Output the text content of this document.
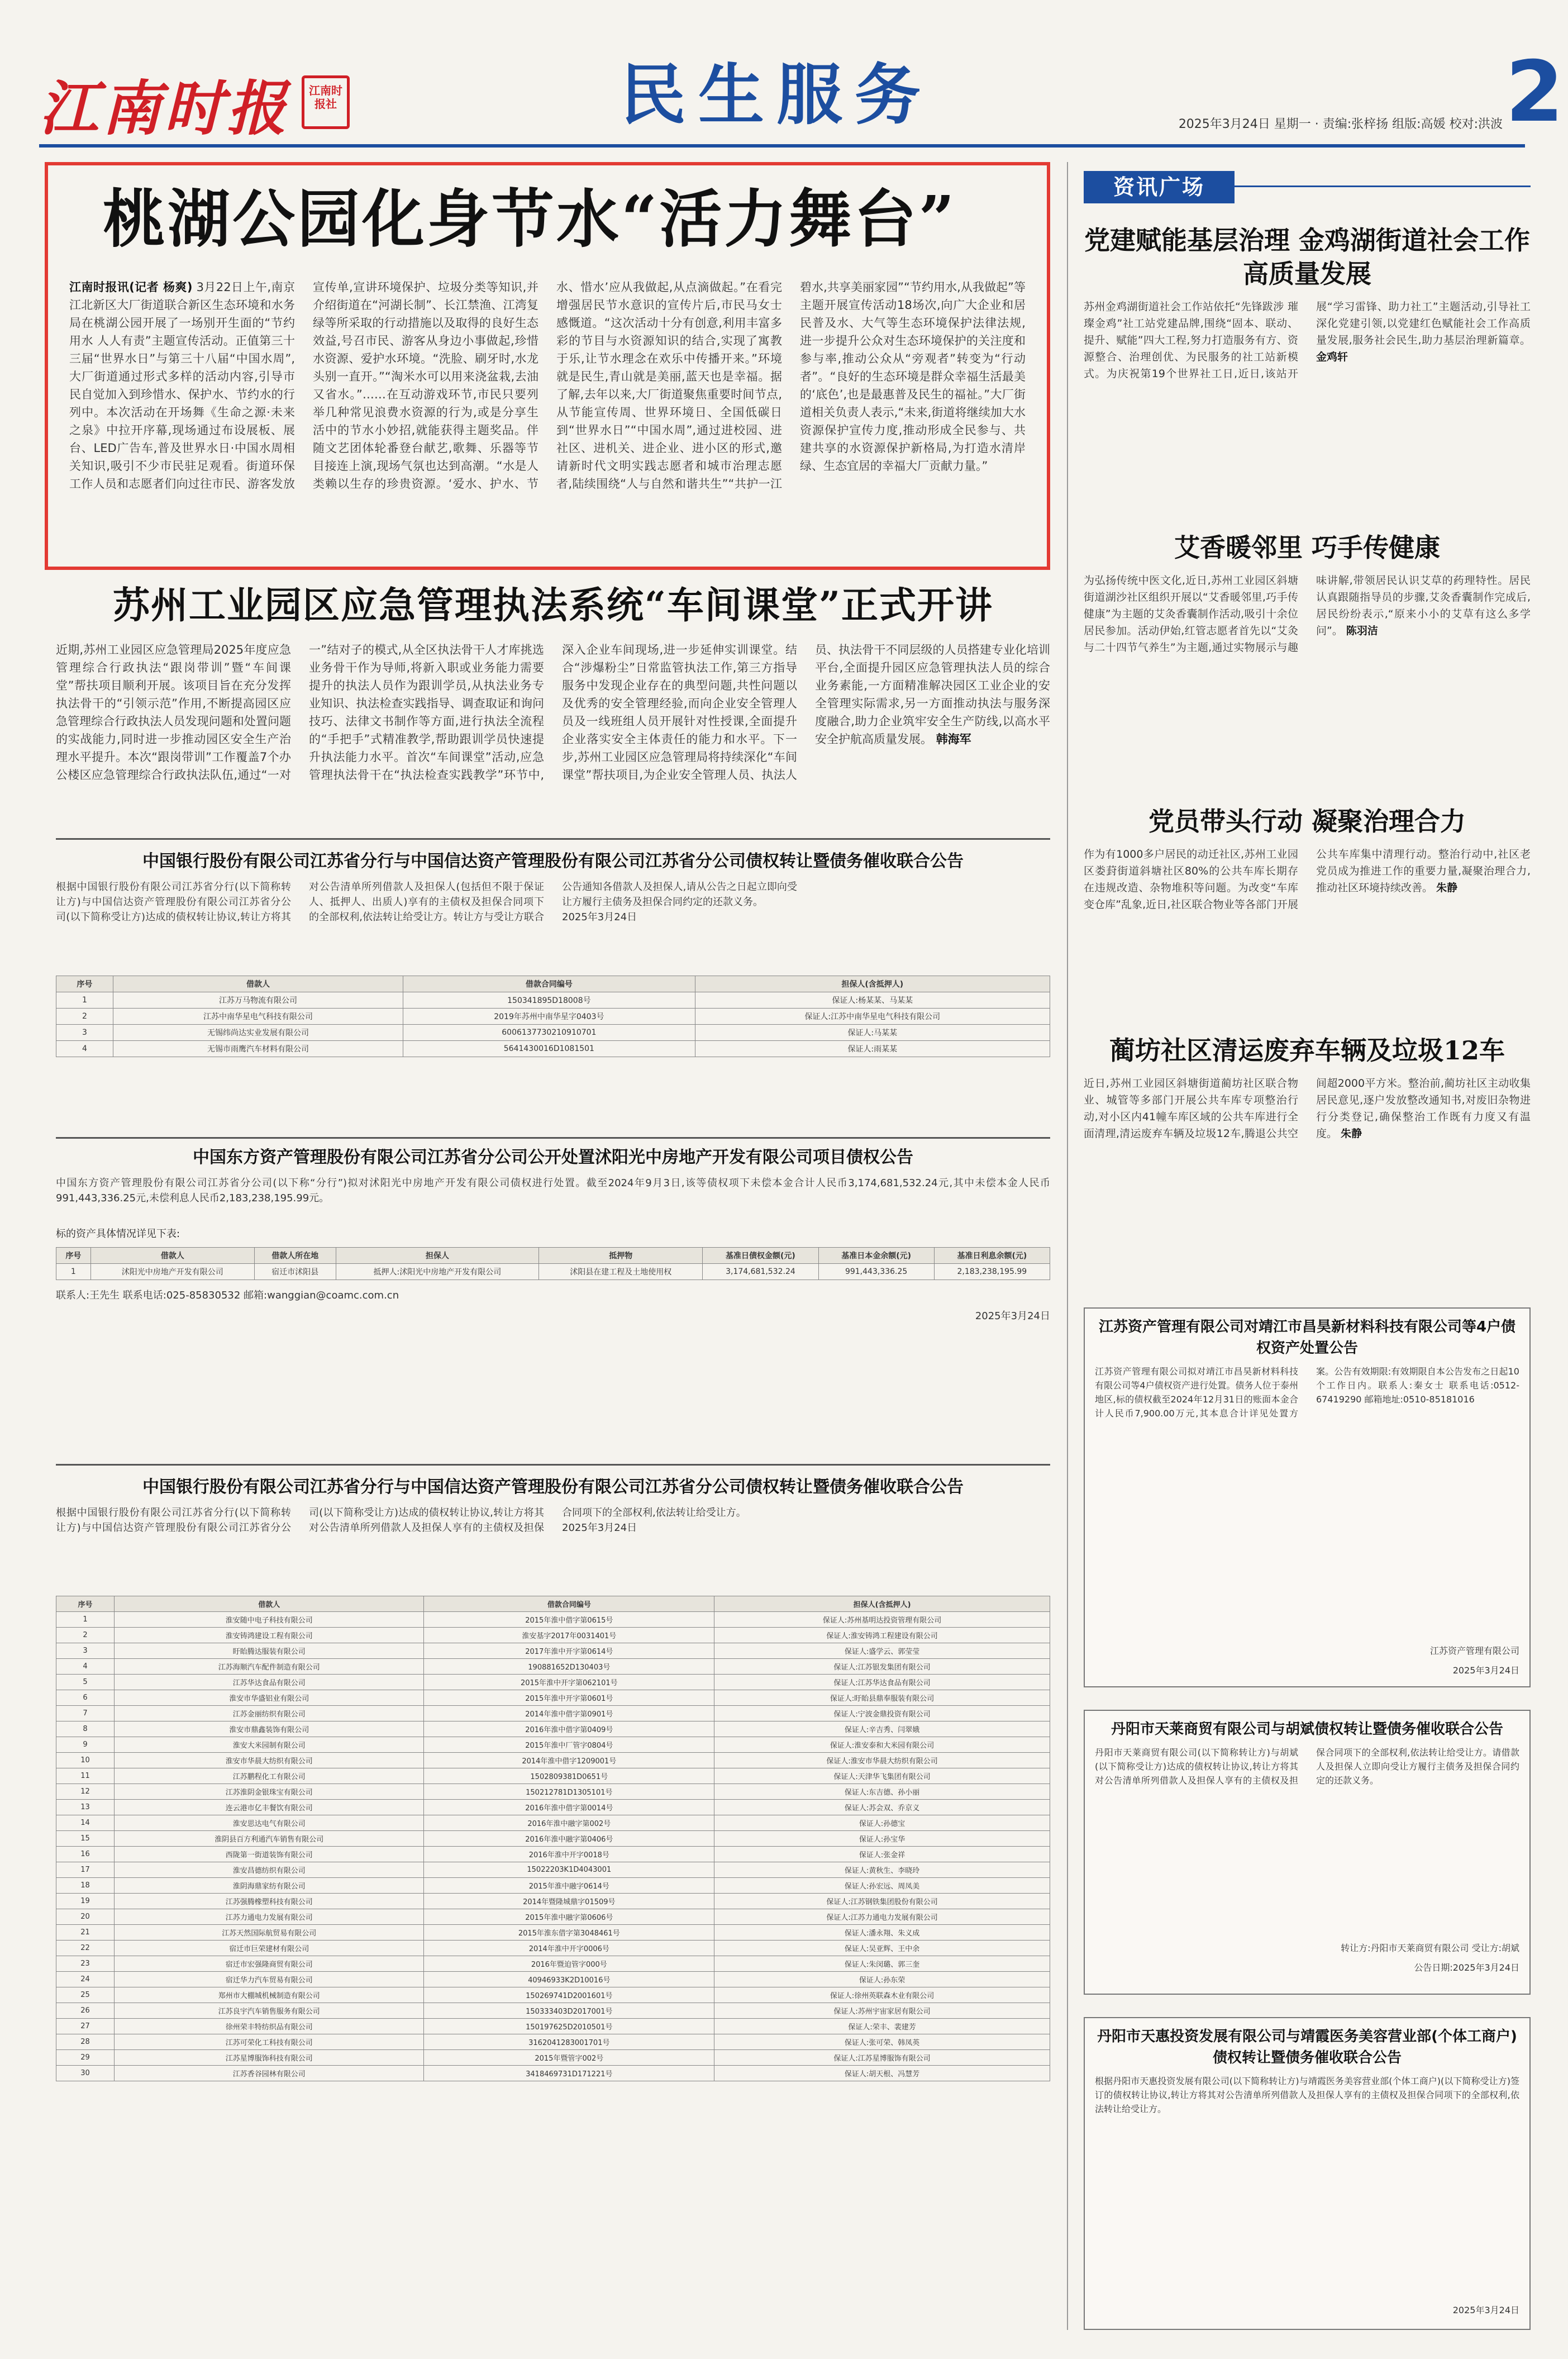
江南时报	江南时报社	民生服务	2025年3月24日 星期一 · 责编:张梓扬 组版:高媛 校对:洪波 2
桃湖公园化身节水“活力舞台”
江南时报讯(记者 杨爽) 3月22日上午,南京江北新区大厂街道联合新区生态环境和水务局在桃湖公园开展了一场别开生面的“节约用水 人人有责”主题宣传活动。正值第三十三届“世界水日”与第三十八届“中国水周”,大厂街道通过形式多样的活动内容,引导市民自觉加入到珍惜水、保护水、节约水的行列中。本次活动在开场舞《生命之源·未来之泉》中拉开序幕,现场通过布设展板、展台、LED广告车,普及世界水日·中国水周相关知识,吸引不少市民驻足观看。街道环保工作人员和志愿者们向过往市民、游客发放宣传单,宣讲环境保护、垃圾分类等知识,并介绍街道在“河湖长制”、长江禁渔、江湾复绿等所采取的行动措施以及取得的良好生态效益,号召市民、游客从身边小事做起,珍惜水资源、爱护水环境。“洗脸、刷牙时,水龙头别一直开。”“淘米水可以用来浇盆栽,去油又省水。”……在互动游戏环节,市民只要列举几种常见浪费水资源的行为,或是分享生活中的节水小妙招,就能获得主题奖品。伴随文艺团体轮番登台献艺,歌舞、乐器等节目接连上演,现场气氛也达到高潮。“水是人类赖以生存的珍贵资源。‘爱水、护水、节水、惜水’应从我做起,从点滴做起。”在看完增强居民节水意识的宣传片后,市民马女士感慨道。“这次活动十分有创意,利用丰富多彩的节目与水资源知识的结合,实现了寓教于乐,让节水理念在欢乐中传播开来。”环境就是民生,青山就是美丽,蓝天也是幸福。据了解,去年以来,大厂街道聚焦重要时间节点,从节能宣传周、世界环境日、全国低碳日到“世界水日”“中国水周”,通过进校园、进社区、进机关、进企业、进小区的形式,邀请新时代文明实践志愿者和城市治理志愿者,陆续围绕“人与自然和谐共生”“共护一江碧水,共享美丽家园”“节约用水,从我做起”等主题开展宣传活动18场次,向广大企业和居民普及水、大气等生态环境保护法律法规,进一步提升公众对生态环境保护的关注度和参与率,推动公众从“旁观者”转变为“行动者”。“良好的生态环境是群众幸福生活最美的‘底色’,也是最惠普及民生的福祉。”大厂街道相关负责人表示,“未来,街道将继续加大水资源保护宣传力度,推动形成全民参与、共建共享的水资源保护新格局,为打造水清岸绿、生态宜居的幸福大厂贡献力量。”
苏州工业园区应急管理执法系统“车间课堂”正式开讲
近期,苏州工业园区应急管理局2025年度应急管理综合行政执法“跟岗带训”暨“车间课堂”帮扶项目顺利开展。该项目旨在充分发挥执法骨干的“引领示范”作用,不断提高园区应急管理综合行政执法人员发现问题和处置问题的实战能力,同时进一步推动园区安全生产治理水平提升。本次“跟岗带训”工作覆盖7个办公楼区应急管理综合行政执法队伍,通过“一对一”结对子的模式,从全区执法骨干人才库挑选业务骨干作为导师,将新入职或业务能力需要提升的执法人员作为跟训学员,从执法业务专业知识、执法检查实践指导、调查取证和询问技巧、法律文书制作等方面,进行执法全流程的“手把手”式精准教学,帮助跟训学员快速提升执法能力水平。首次“车间课堂”活动,应急管理执法骨干在“执法检查实践教学”环节中,深入企业车间现场,进一步延伸实训课堂。结合“涉爆粉尘”日常监管执法工作,第三方指导服务中发现企业存在的典型问题,共性问题以及优秀的安全管理经验,而向企业安全管理人员及一线班组人员开展针对性授课,全面提升企业落实安全主体责任的能力和水平。下一步,苏州工业园区应急管理局将持续深化“车间课堂”帮扶项目,为企业安全管理人员、执法人员、执法骨干不同层级的人员搭建专业化培训平台,全面提升园区应急管理执法人员的综合业务素能,一方面精准解决园区工业企业的安全管理实际需求,另一方面推动执法与服务深度融合,助力企业筑牢安全生产防线,以高水平安全护航高质量发展。 韩海军
中国银行股份有限公司江苏省分行与中国信达资产管理股份有限公司江苏省分公司债权转让暨债务催收联合公告
根据中国银行股份有限公司江苏省分行(以下简称转让方)与中国信达资产管理股份有限公司江苏省分公司(以下简称受让方)达成的债权转让协议,转让方将其对公告清单所列借款人及担保人(包括但不限于保证人、抵押人、出质人)享有的主债权及担保合同项下的全部权利,依法转让给受让方。转让方与受让方联合公告通知各借款人及担保人,请从公告之日起立即向受让方履行主债务及担保合同约定的还款义务。
2025年3月24日
序号	借款人	借款合同编号	担保人(含抵押人)
1	江苏万马物流有限公司	150341895D18008号	保证人:杨某某、马某某
2	江苏中南华星电气科技有限公司	2019年苏州中南华星字0403号	保证人:江苏中南华星电气科技有限公司
3	无锡纬尚达实业发展有限公司	6006137730210910701	保证人:马某某
4	无锡市雨鹰汽车材料有限公司	5641430016D1081501	保证人:雨某某
中国东方资产管理股份有限公司江苏省分公司公开处置沭阳光中房地产开发有限公司项目债权公告
中国东方资产管理股份有限公司江苏省分公司(以下称“分行”)拟对沭阳光中房地产开发有限公司债权进行处置。截至2024年9月3日,该等债权项下未偿本金合计人民币3,174,681,532.24元,其中未偿本金人民币991,443,336.25元,未偿利息人民币2,183,238,195.99元。
标的资产具体情况详见下表:
序号	借款人	借款人所在地	担保人	抵押物	基准日债权金额(元)	基准日本金余额(元)	基准日利息余额(元)
1	沭阳光中房地产开发有限公司	宿迁市沭阳县	抵押人:沭阳光中房地产开发有限公司	沭阳县在建工程及土地使用权	3,174,681,532.24	991,443,336.25	2,183,238,195.99
联系人:王先生 联系电话:025-85830532 邮箱:wanggian@coamc.com.cn
2025年3月24日
中国银行股份有限公司江苏省分行与中国信达资产管理股份有限公司江苏省分公司债权转让暨债务催收联合公告
根据中国银行股份有限公司江苏省分行(以下简称转让方)与中国信达资产管理股份有限公司江苏省分公司(以下简称受让方)达成的债权转让协议,转让方将其对公告清单所列借款人及担保人享有的主债权及担保合同项下的全部权利,依法转让给受让方。
2025年3月24日
序号	借款人	借款合同编号	担保人(含抵押人)
1	淮安随中电子科技有限公司	2015年淮中借字第0615号	保证人:苏州基明达投资管理有限公司
2	淮安铸鸿建设工程有限公司	淮安基字2017年0031401号	保证人:淮安铸鸿工程建设有限公司
3	盱眙腾达服装有限公司	2017年淮中开字第0614号	保证人:盛学云、郭莹莹
4	江苏海顺汽车配件制造有限公司	190881652D130403号	保证人:江苏银发集团有限公司
5	江苏华达食品有限公司	2015年淮中开字第062101号	保证人:江苏华达食品有限公司
6	淮安市华盛铝业有限公司	2015年淮中开字第0601号	保证人:盱眙县鼎奉服装有限公司
7	江苏金丽纺织有限公司	2014年淮中借字第0901号	保证人:宁波金鼎投资有限公司
8	淮安市鼎鑫装饰有限公司	2016年淮中借字第0409号	保证人:辛吉秀、闫翠娥
9	淮安大米园制有限公司	2015年淮中厂管字0804号	保证人:淮安泰和大米园有限公司
10	淮安市华晨大纺织有限公司	2014年淮中借字1209001号	保证人:淮安市华晨大纺织有限公司
11	江苏鹏程化工有限公司	1502809381D0651号	保证人:天津华飞集团有限公司
12	江苏淮阴金银珠宝有限公司	150212781D1305101号	保证人:东吉德、孙小丽
13	连云港市亿丰餐饮有限公司	2016年淮中借字第0014号	保证人:苏会双、乔京义
14	淮安思达电气有限公司	2016年淮中融字第002号	保证人:孙德宝
15	淮阴县百方利通汽车销售有限公司	2016年淮中融字第0406号	保证人:孙宝华
16	西陇第一街道装饰有限公司	2016年淮中开字0018号	保证人:张金祥
17	淮安昌德纺织有限公司	15022203K1D4043001	保证人:黄秋生、李晓玲
18	淮阴海鼎家纺有限公司	2015年淮中融字0614号	保证人:孙宏远、周凤美
19	江苏强腾橡塑科技有限公司	2014年暨隆城鼎字01509号	保证人:江苏钢铁集团股份有限公司
20	江苏力通电力发展有限公司	2015年淮中融字第0606号	保证人:江苏力通电力发展有限公司
21	江苏天然国际航贸易有限公司	2015年淮东借字第3048461号	保证人:潘永翔、朱义成
22	宿迁市巨荣建材有限公司	2014年淮中开字0006号	保证人:吴亚辉、王中余
23	宿迁市宏强隆商贸有限公司	2016年暨迫管字000号	保证人:朱闵璐、郭三奎
24	宿迁华力汽车贸易有限公司	40946933K2D10016号	保证人:孙东荣
25	郑州市大棚城机械制造有限公司	150269741D2001601号	保证人:徐州英联森木业有限公司
26	江苏良宇汽车销售服务有限公司	150333403D2017001号	保证人:苏州宇宙家居有限公司
27	徐州荣丰特纺织品有限公司	150197625D2010501号	保证人:荣丰、裴建芳
28	江苏可荣化工科技有限公司	3162041283001701号	保证人:张可荣、韩凤英
29	江苏星博服饰科技有限公司	2015年暨管字002号	保证人:江苏星博服饰有限公司
30	江苏香谷园林有限公司	3418469731D171221号	保证人:胡天根、冯慧芳
资讯广场
党建赋能基层治理 金鸡湖街道社会工作高质量发展
苏州金鸡湖街道社会工作站依托“先锋跋涉 璀璨金鸡”社工站党建品牌,围绕“固本、联动、提升、赋能”四大工程,努力打造服务有方、资源整合、治理创优、为民服务的社工站新模式。为庆祝第19个世界社工日,近日,该站开展“学习雷锋、助力社工”主题活动,引导社工深化党建引领,以党建红色赋能社会工作高质量发展,服务社会民生,助力基层治理新篇章。 金鸡轩
艾香暖邻里 巧手传健康
为弘扬传统中医文化,近日,苏州工业园区斜塘街道湖沙社区组织开展以“艾香暖邻里,巧手传健康”为主题的艾灸香囊制作活动,吸引十余位居民参加。活动伊始,红管志愿者首先以“艾灸与二十四节气养生”为主题,通过实物展示与趣味讲解,带领居民认识艾草的药理特性。居民认真跟随指导员的步骤,艾灸香囊制作完成后,居民纷纷表示,“原来小小的艾草有这么多学问”。 陈羽洁
党员带头行动 凝聚治理合力
作为有1000多户居民的动迁社区,苏州工业园区娄葑街道斜塘社区80%的公共车库长期存在违规改造、杂物堆积等问题。为改变“车库变仓库”乱象,近日,社区联合物业等各部门开展公共车库集中清理行动。整治行动中,社区老党员成为推进工作的重要力量,凝聚治理合力,推动社区环境持续改善。 朱静
蔺坊社区清运废弃车辆及垃圾12车
近日,苏州工业园区斜塘街道蔺坊社区联合物业、城管等多部门开展公共车库专项整治行动,对小区内41幢车库区域的公共车库进行全面清理,清运废弃车辆及垃圾12车,腾退公共空间超2000平方米。整治前,蔺坊社区主动收集居民意见,逐户发放整改通知书,对废旧杂物进行分类登记,确保整治工作既有力度又有温度。 朱静
江苏资产管理有限公司对靖江市昌昊新材料科技有限公司等4户债权资产处置公告
江苏资产管理有限公司拟对靖江市昌昊新材料科技有限公司等4户债权资产进行处置。债务人位于泰州地区,标的债权截至2024年12月31日的账面本金合计人民币7,900.00万元,其本息合计详见处置方案。公告有效期限:有效期限自本公告发布之日起10个工作日内。联系人:秦女士 联系电话:0512-67419290 邮箱地址:0510-85181016
江苏资产管理有限公司
2025年3月24日
丹阳市天莱商贸有限公司与胡斌债权转让暨债务催收联合公告
丹阳市天莱商贸有限公司(以下简称转让方)与胡斌(以下简称受让方)达成的债权转让协议,转让方将其对公告清单所列借款人及担保人享有的主债权及担保合同项下的全部权利,依法转让给受让方。请借款人及担保人立即向受让方履行主债务及担保合同约定的还款义务。
转让方:丹阳市天莱商贸有限公司 受让方:胡斌
公告日期:2025年3月24日
丹阳市天惠投资发展有限公司与靖霞医务美容营业部(个体工商户)债权转让暨债务催收联合公告
根据丹阳市天惠投资发展有限公司(以下简称转让方)与靖霞医务美容营业部(个体工商户)(以下简称受让方)签订的债权转让协议,转让方将其对公告清单所列借款人及担保人享有的主债权及担保合同项下的全部权利,依法转让给受让方。
2025年3月24日
